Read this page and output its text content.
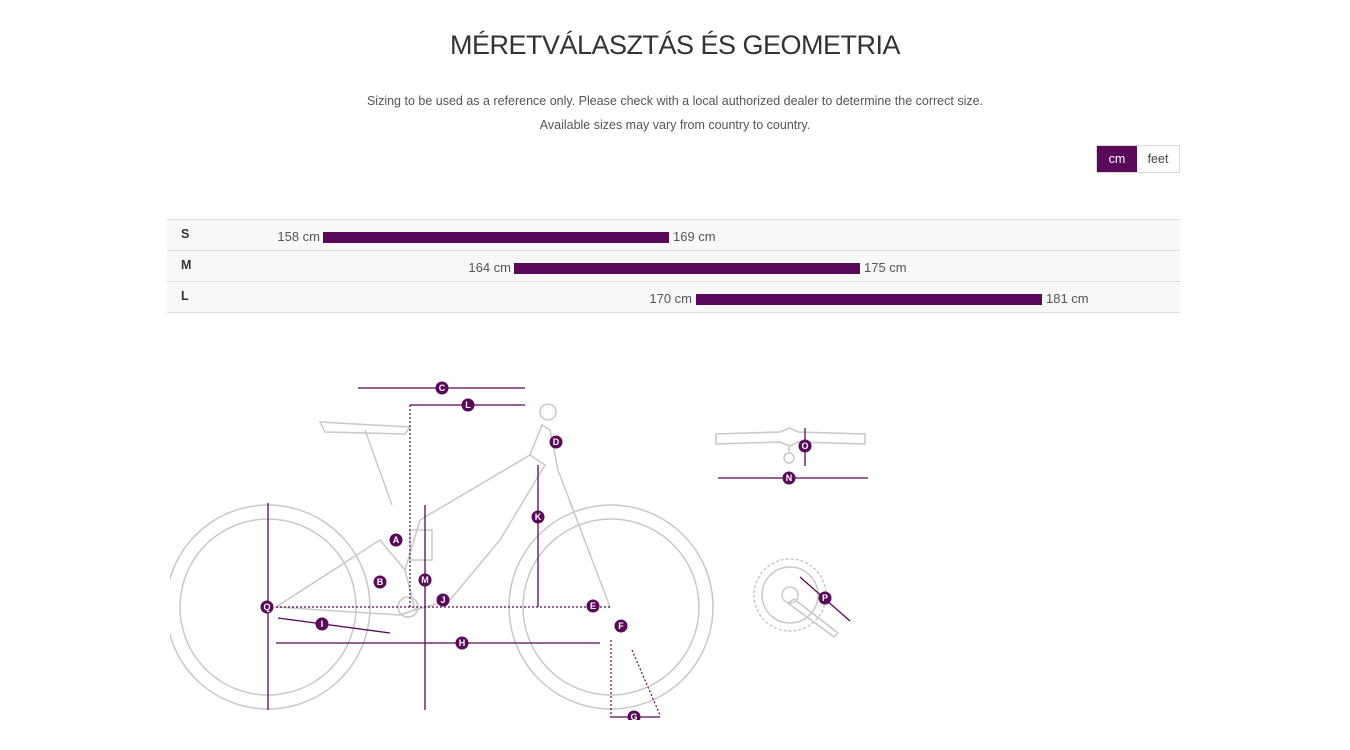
MÉRETVÁLASZTÁS ÉS GEOMETRIA
Sizing to be used as a reference only. Please check with a local authorized dealer to determine the correct size.
Available sizes may vary from country to country.
cm	feet
S	158 cm	169 cm
M	164 cm	175 cm
L	170 cm	181 cm
C
L
D
K
A
B	M
J
Q
I
H
E
F
G
O
N
P
